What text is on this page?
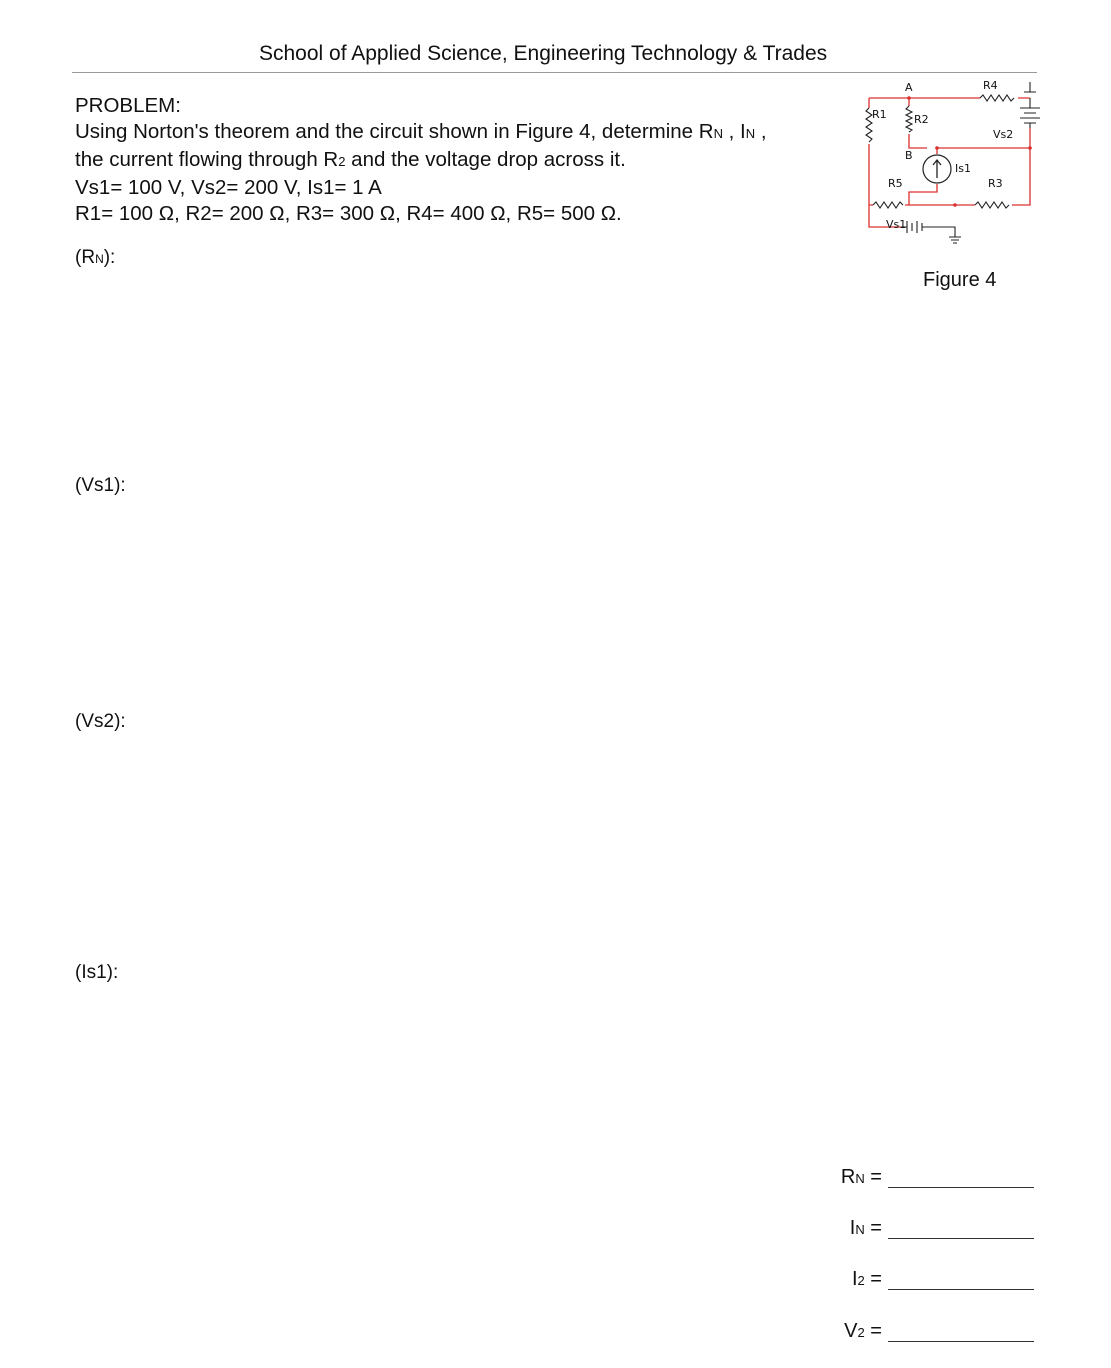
School of Applied Science, Engineering Technology & Trades
PROBLEM:
Using Norton's theorem and the circuit shown in Figure 4, determine RN , IN ,
the current flowing through R2 and the voltage drop across it.
Vs1= 100 V, Vs2= 200 V, Is1= 1 A
R1= 100 Ω, R2= 200 Ω, R3= 300 Ω, R4= 400 Ω, R5= 500 Ω.
(RN):
(Vs1):
(Vs2):
(Is1):
A	R4
R1 R2
Vs2
B
Is1
R5	R3
Vs1
Figure 4
RN =
IN =
I2 =
V2 =
